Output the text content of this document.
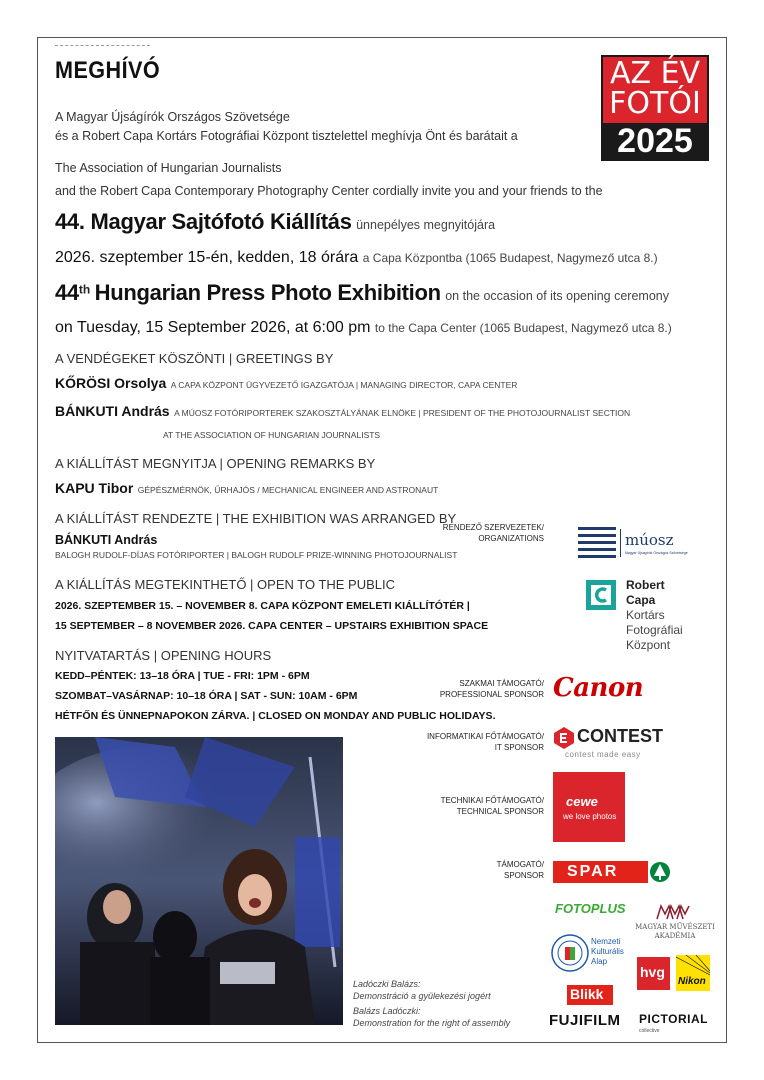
MEGHÍVÓ
A Magyar Újságírók Országos Szövetsége
és a Robert Capa Kortárs Fotográfiai Központ tisztelettel meghívja Önt és barátait a
The Association of Hungarian Journalists
and the Robert Capa Contemporary Photography Center cordially invite you and your friends to the
44. Magyar Sajtófotó Kiállítás ünnepélyes megnyitójára
2026. szeptember 15-én, kedden, 18 órára a Capa Központba (1065 Budapest, Nagymező utca 8.)
44th Hungarian Press Photo Exhibition on the occasion of its opening ceremony
on Tuesday, 15 September 2026, at 6:00 pm to the Capa Center (1065 Budapest, Nagymező utca 8.)
A VENDÉGEKET KÖSZÖNTI | GREETINGS BY
KŐRÖSI Orsolya A CAPA KÖZPONT ÜGYVEZETŐ IGAZGATÓJA | MANAGING DIRECTOR, CAPA CENTER
BÁNKUTI András A MÚOSZ FOTÓRIPORTEREK SZAKOSZTÁLYÁNAK ELNÖKE | PRESIDENT OF THE PHOTOJOURNALIST SECTION
AT THE ASSOCIATION OF HUNGARIAN JOURNALISTS
A KIÁLLÍTÁST MEGNYITJA | OPENING REMARKS BY
KAPU Tibor GÉPÉSZMÉRNÖK, ŰRHAJÓS / MECHANICAL ENGINEER AND ASTRONAUT
A KIÁLLÍTÁST RENDEZTE | THE EXHIBITION WAS ARRANGED BY
BÁNKUTI András
BALOGH RUDOLF-DÍJAS FOTÓRIPORTER | BALOGH RUDOLF PRIZE-WINNING PHOTOJOURNALIST
A KIÁLLÍTÁS MEGTEKINTHETŐ | OPEN TO THE PUBLIC
2026. SZEPTEMBER 15. – NOVEMBER 8. CAPA KÖZPONT EMELETI KIÁLLÍTÓTÉR |
15 SEPTEMBER – 8 NOVEMBER 2026. CAPA CENTER – UPSTAIRS EXHIBITION SPACE
NYITVATARTÁS | OPENING HOURS
KEDD–PÉNTEK: 13–18 ÓRA | TUE - FRI: 1PM - 6PM
SZOMBAT–VASÁRNAP: 10–18 ÓRA | SAT - SUN: 10AM - 6PM
HÉTFŐN ÉS ÜNNEPNAPOKON ZÁRVA. | CLOSED ON MONDAY AND PUBLIC HOLIDAYS.
Ladóczki Balázs:
Demonstráció a gyülekezési jogért
Balázs Ladóczki:
Demonstration for the right of assembly
AZ ÉV
FOTÓI
2025
RENDEZŐ SZERVEZETEK/
ORGANIZATIONS
SZAKMAI TÁMOGATÓ/
PROFESSIONAL SPONSOR
INFORMATIKAI FŐTÁMOGATÓ/
IT SPONSOR
TECHNIKAI FŐTÁMOGATÓ/
TECHNICAL SPONSOR
TÁMOGATÓ/
SPONSOR
múosz
Magyar Újságírók Országos Szövetsége
Robert
Capa
Kortárs
Fotográfiai
Központ
Canon
CONTEST
contest made easy
cewe
we love photos
SPAR
FOTOPLUS
MAGYAR MŰVÉSZETI
AKADÉMIA
Nemzeti
Kulturális
Alap
hvg
Nikon
Blikk
FUJIFILM PICTORIAL
collective
